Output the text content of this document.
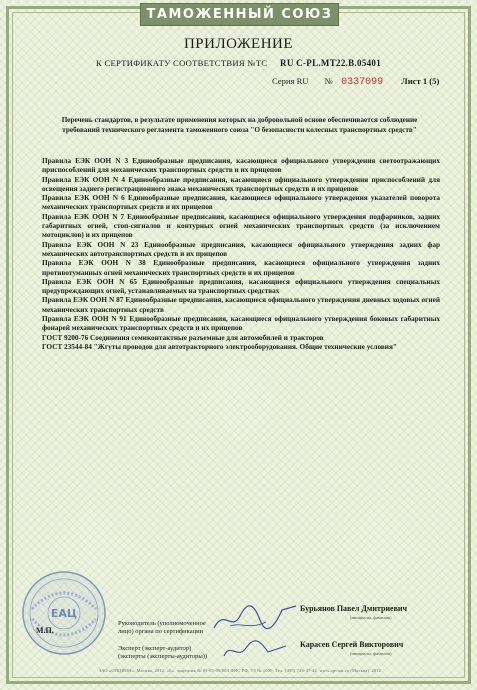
ТАМОЖЕННЫЙ СОЮЗ
ПРИЛОЖЕНИЕ
К СЕРТИФИКАТУ СООТВЕТСТВИЯ №ТС RU C-PL.MT22.B.05401
Серия RU № 0337099 Лист 1 (5)
Перечень стандартов, в результате применения которых на добровольной основе обеспечивается соблюдение требований технического регламента таможенного союза "О безопасности колесных транспортных средств"

Правила ЕЭК ООН N 3 Единообразные предписания, касающиеся официального утверждения светоотражающих приспособлений для механических транспортных средств и их прицепов

Правила ЕЭК ООН N 4 Единообразные предписания, касающиеся официального утверждения приспособлений для освещения заднего регистрационного знака механических транспортных средств и их прицепов

Правила ЕЭК ООН N 6 Единообразные предписания, касающиеся официального утверждения указателей поворота механических транспортных средств и их прицепов

Правила ЕЭК ООН N 7 Единообразные предписания, касающиеся официального утверждения подфарников, задних габаритных огней, стоп-сигналов и контурных огней механических транспортных средств (за исключением мотоциклов) и их прицепов

Правила ЕЭК ООН N 23 Единообразные предписания, касающиеся официального утверждения задних фар механических автотранспортных средств и их прицепов

Правила ЕЭК ООН N 38 Единообразные предписания, касающиеся официального утверждения задних противотуманных огней механических транспортных средств и их прицепов

Правила ЕЭК ООН N 65 Единообразные предписания, касающиеся официального утверждения специальных предупреждающих огней, устанавливаемых на транспортных средствах

Правила ЕЭК ООН N 87 Единообразные предписания, касающиеся официального утверждения дневных ходовых огней механических транспортных средств

Правила ЕЭК ООН N 91 Единообразные предписания, касающиеся официального утверждения боковых габаритных фонарей механических транспортных средств и их прицепов

ГОСТ 9200-76 Соединения семиконтактные разъемные для автомобилей и тракторов

ГОСТ 23544-84 "Жгуты проводов для автотракторного электрооборудования. Общие технические условия"

ЕАЦ
М.П.
Руководитель (уполномоченное
лицо) органа по сертификации
Эксперт (эксперт-аудитор)
(эксперты (эксперты-аудиторы))
Бурьянов Павел Дмитриевич
(инициалы, фамилия)
Карасев Сергей Викторович
(инициалы, фамилия)
ЗАО «ОПЦИОН», Москва, 2012, «Б», лицензия № 05-05-09/003 ФНС РФ, ТЗ № 1000. Тел. (495) 726-47-42, www.opcion.ru (Москва). 2012
